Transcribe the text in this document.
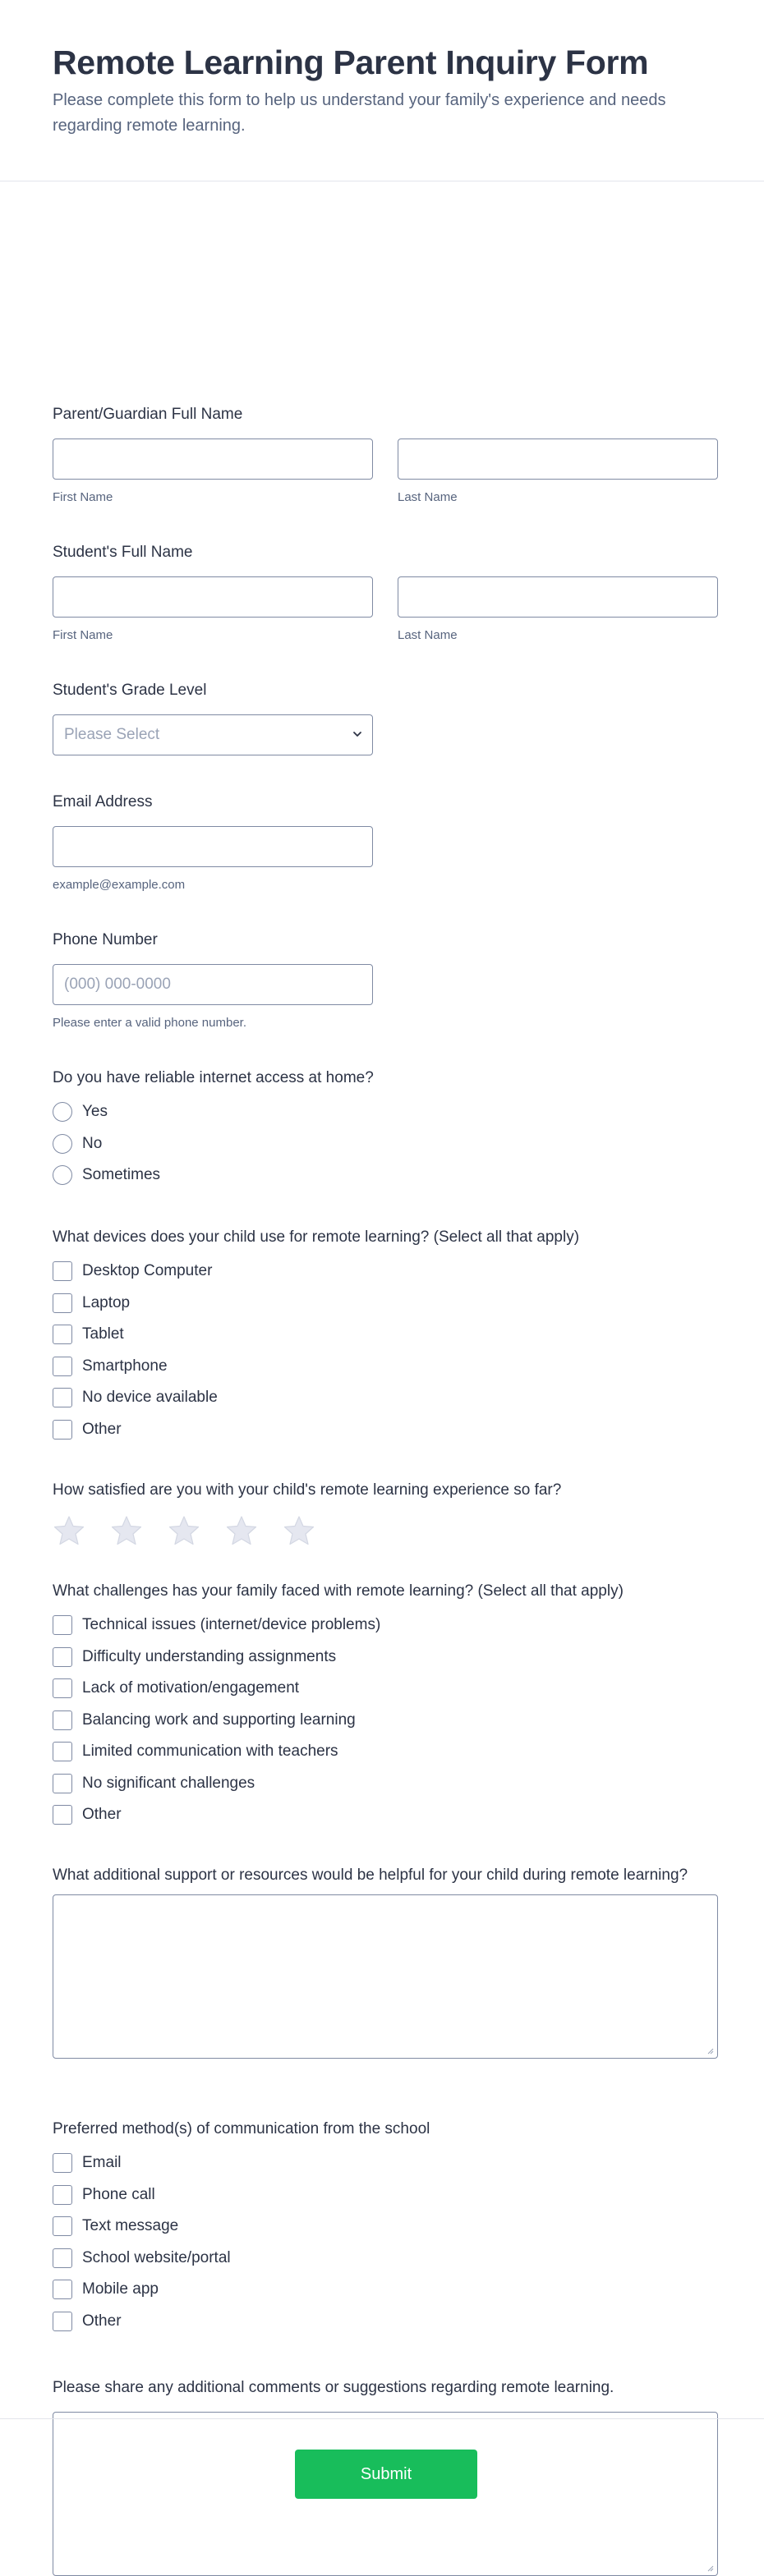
Remote Learning Parent Inquiry Form

Please complete this form to help us understand your family's experience and needs regarding remote learning.

Parent/Guardian Full Name
First Name	Last Name
Student's Full Name
First Name	Last Name
Student's Grade Level
Please Select
Email Address
example@example.com
Phone Number
(000) 000-0000
Please enter a valid phone number.
Do you have reliable internet access at home?
Yes
No
Sometimes
What devices does your child use for remote learning? (Select all that apply)
Desktop Computer
Laptop
Tablet
Smartphone
No device available
Other
How satisfied are you with your child's remote learning experience so far?
What challenges has your family faced with remote learning? (Select all that apply)
Technical issues (internet/device problems)
Difficulty understanding assignments
Lack of motivation/engagement
Balancing work and supporting learning
Limited communication with teachers
No significant challenges
Other
What additional support or resources would be helpful for your child during remote learning?
Preferred method(s) of communication from the school
Email
Phone call
Text message
School website/portal
Mobile app
Other
Please share any additional comments or suggestions regarding remote learning.
Submit
